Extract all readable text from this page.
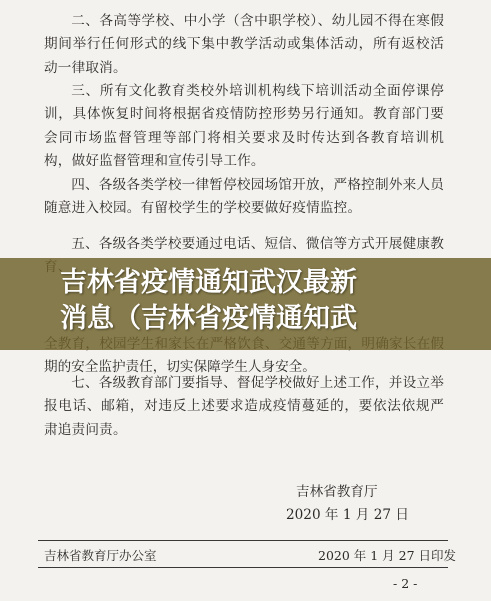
二、各高等学校、中小学（含中职学校）、幼儿园不得在寒假期间举行任何形式的线下集中教学活动或集体活动，所有返校活动一律取消。

三、所有文化教育类校外培训机构线下培训活动全面停课停训，具体恢复时间将根据省疫情防控形势另行通知。教育部门要会同市场监督管理等部门将相关要求及时传达到各教育培训机构，做好监督管理和宣传引导工作。

四、各级各类学校一律暂停校园场馆开放，严格控制外来人员随意进入校园。有留校学生的学校要做好疫情监控。

五、各级各类学校要通过电话、短信、微信等方式开展健康教

期的安全监护责任，切实保障学生人身安全。

七、各级教育部门要指导、督促学校做好上述工作，并设立举报电话、邮箱，对违反上述要求造成疫情蔓延的，要依法依规严肃追责问责。

吉林省教育厅

2020 年 1 月 27 日

吉林省教育厅办公室	2020 年 1 月 27 日印发

- 2 -

吉林省疫情通知武汉最新

消息（吉林省疫情通知武
